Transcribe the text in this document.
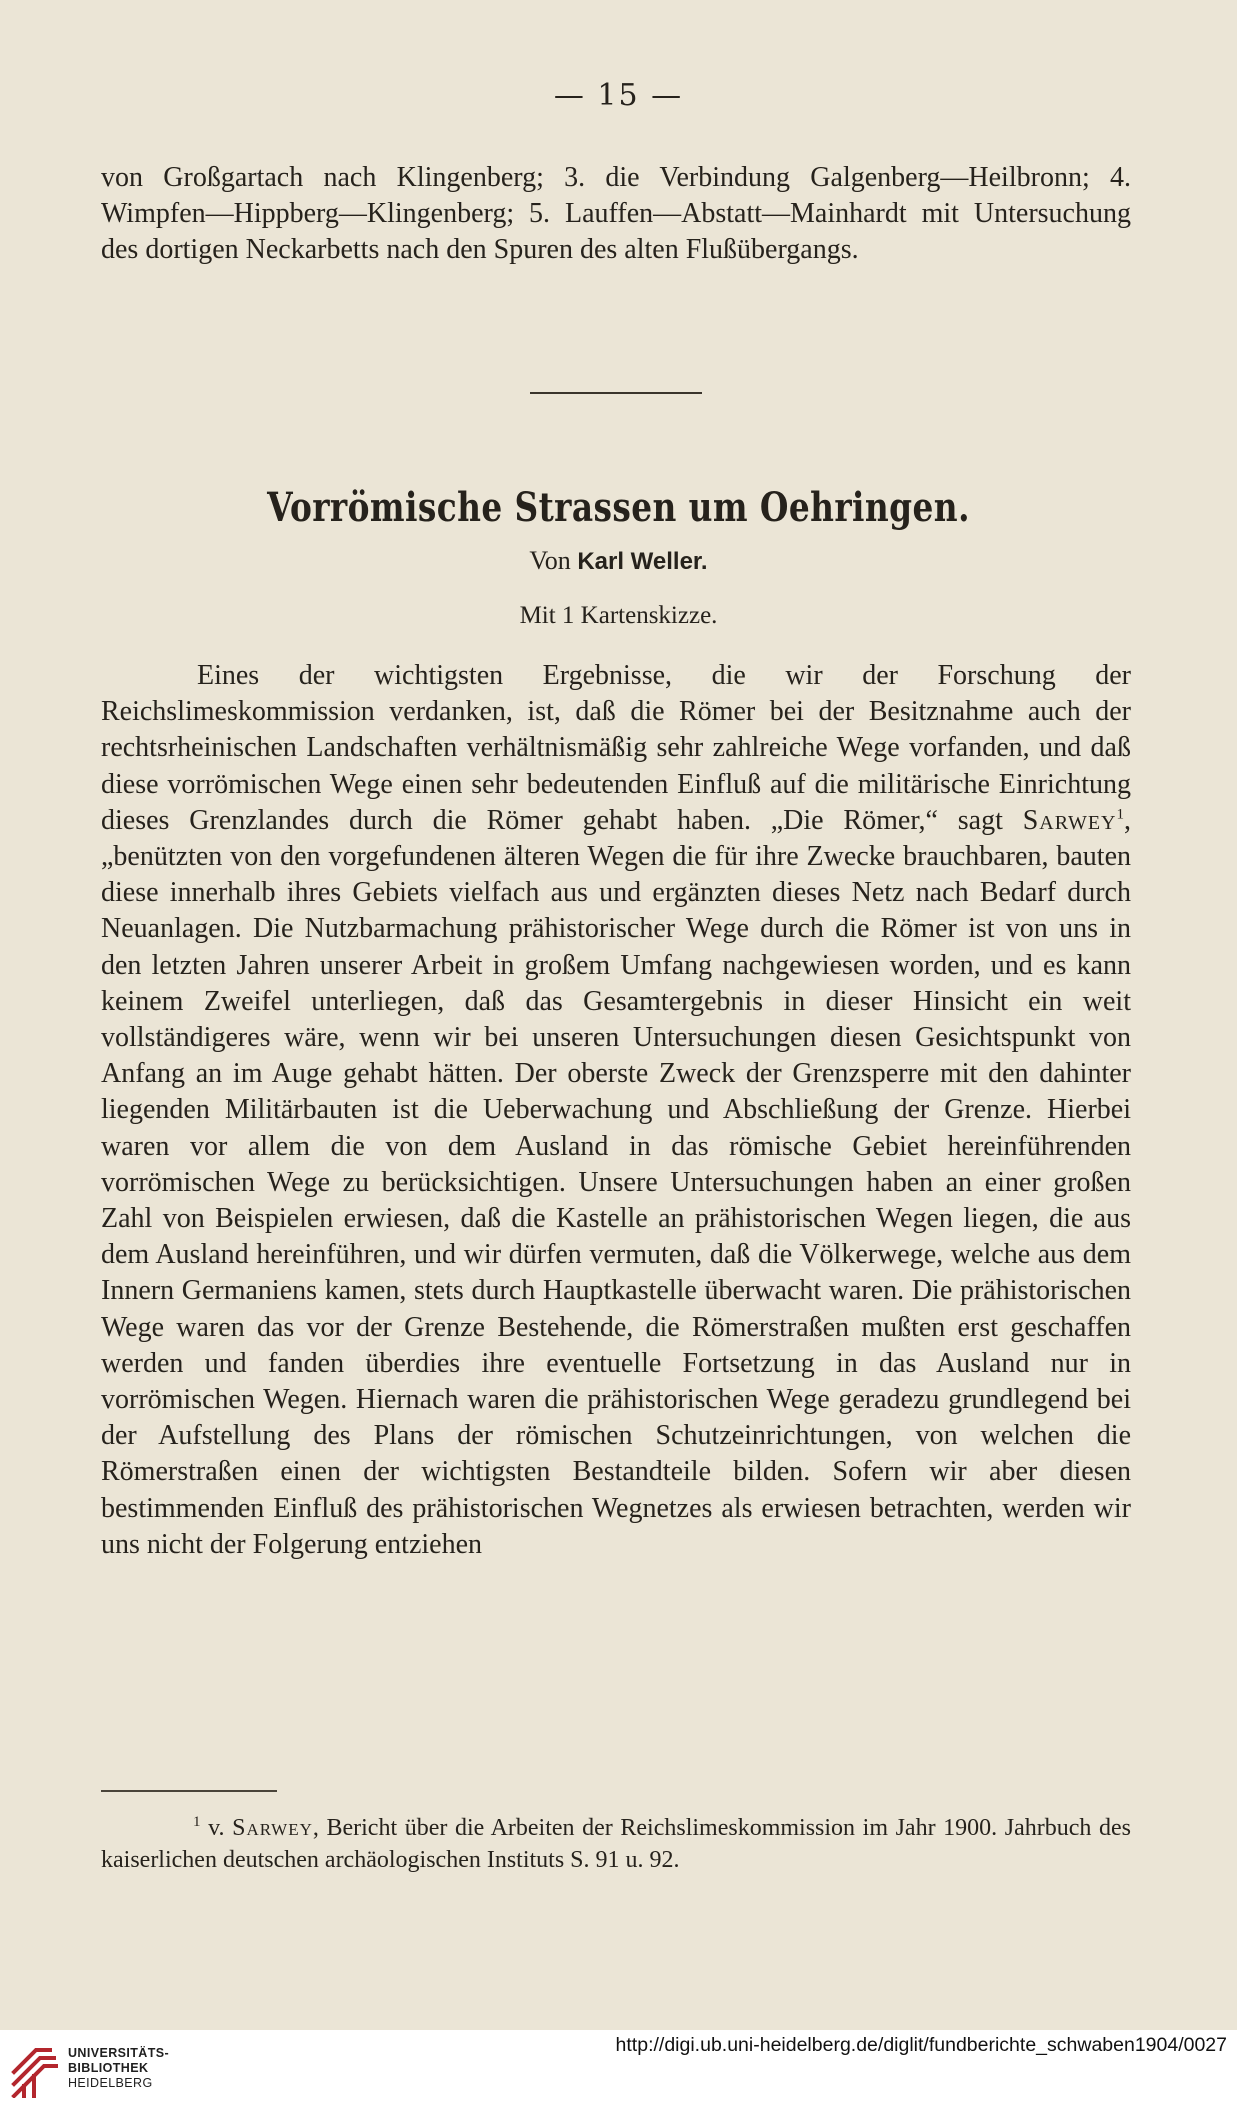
— 15 —

von Großgartach nach Klingenberg; 3. die Verbindung Galgenberg—Heilbronn; 4. Wimpfen—Hippberg—Klingenberg; 5. Lauffen—Abstatt—Mainhardt mit Untersuchung des dortigen Neckarbetts nach den Spuren des alten Flußübergangs.

Vorrömische Strassen um Oehringen.
Von Karl Weller.
Mit 1 Kartenskizze.

Eines der wichtigsten Ergebnisse, die wir der Forschung der Reichslimeskommission verdanken, ist, daß die Römer bei der Besitznahme auch der rechtsrheinischen Landschaften verhältnismäßig sehr zahlreiche Wege vorfanden, und daß diese vorrömischen Wege einen sehr bedeutenden Einfluß auf die militärische Einrichtung dieses Grenzlandes durch die Römer gehabt haben. „Die Römer,“ sagt Sarwey$^1$, „benützten von den vorgefundenen älteren Wegen die für ihre Zwecke brauchbaren, bauten diese innerhalb ihres Gebiets vielfach aus und ergänzten dieses Netz nach Bedarf durch Neuanlagen. Die Nutzbarmachung prähistorischer Wege durch die Römer ist von uns in den letzten Jahren unserer Arbeit in großem Umfang nachgewiesen worden, und es kann keinem Zweifel unterliegen, daß das Gesamtergebnis in dieser Hinsicht ein weit vollständigeres wäre, wenn wir bei unseren Untersuchungen diesen Gesichtspunkt von Anfang an im Auge gehabt hätten. Der oberste Zweck der Grenzsperre mit den dahinter liegenden Militärbauten ist die Ueberwachung und Abschließung der Grenze. Hierbei waren vor allem die von dem Ausland in das römische Gebiet hereinführenden vorrömischen Wege zu berücksichtigen. Unsere Untersuchungen haben an einer großen Zahl von Beispielen erwiesen, daß die Kastelle an prähistorischen Wegen liegen, die aus dem Ausland hereinführen, und wir dürfen vermuten, daß die Völkerwege, welche aus dem Innern Germaniens kamen, stets durch Hauptkastelle überwacht waren. Die prähistorischen Wege waren das vor der Grenze Bestehende, die Römerstraßen mußten erst geschaffen werden und fanden überdies ihre eventuelle Fortsetzung in das Ausland nur in vorrömischen Wegen. Hiernach waren die prähistorischen Wege geradezu grundlegend bei der Aufstellung des Plans der römischen Schutzeinrichtungen, von welchen die Römerstraßen einen der wichtigsten Bestandteile bilden. Sofern wir aber diesen bestimmenden Einfluß des prähistorischen Wegnetzes als erwiesen betrachten, werden wir uns nicht der Folgerung entziehen

$^1$ v. Sarwey, Bericht über die Arbeiten der Reichslimeskommission im Jahr 1900. Jahrbuch des kaiserlichen deutschen archäologischen Instituts S. 91 u. 92.

UNIVERSITÄTS-
BIBLIOTHEK
HEIDELBERG
http://digi.ub.uni-heidelberg.de/diglit/fundberichte_schwaben1904/0027
